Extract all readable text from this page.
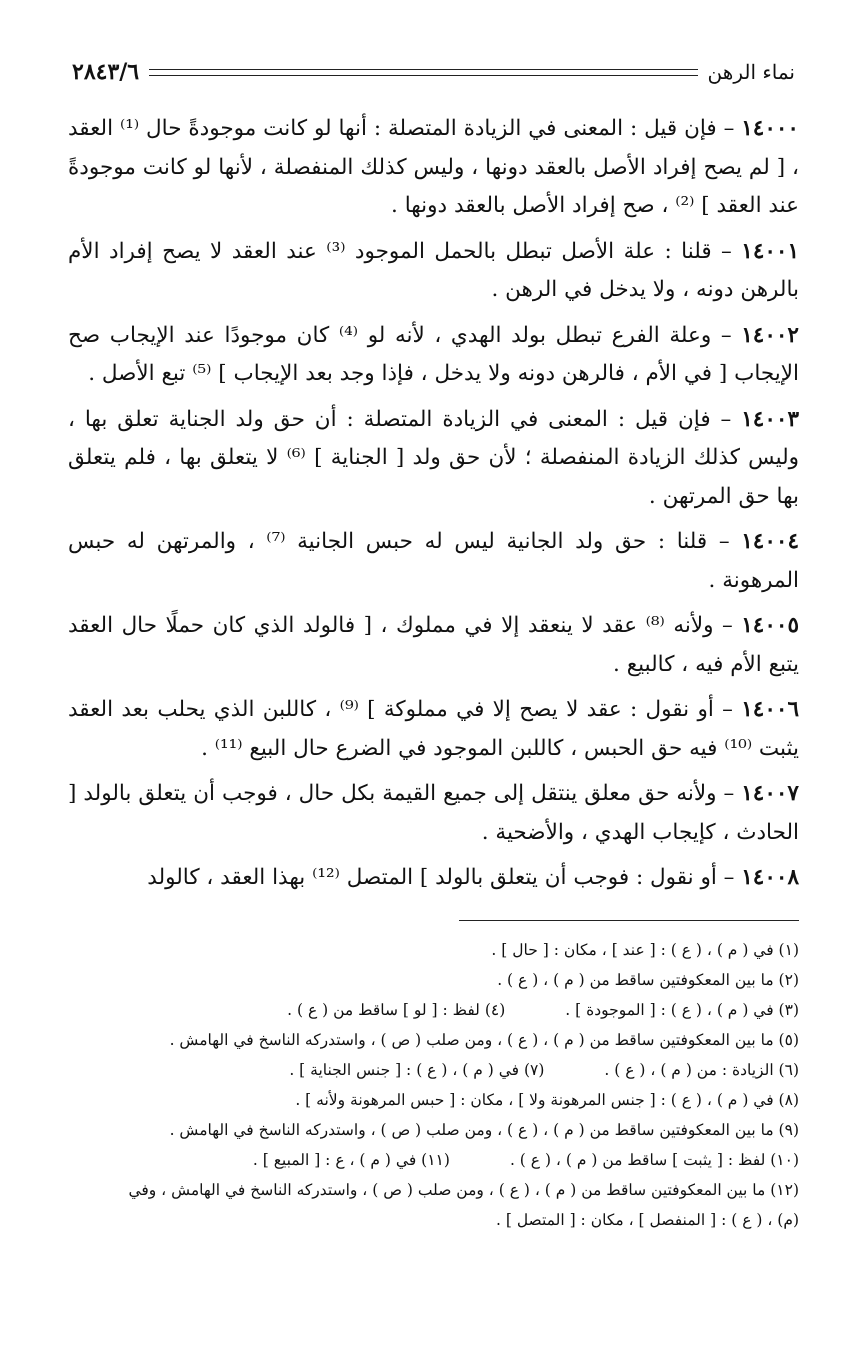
نماء الرهن
٢٨٤٣/٦

١٤٠٠٠ – فإن قيل : المعنى في الزيادة المتصلة : أنها لو كانت موجودةً حال ⁽¹⁾ العقد ، [ لم يصح إفراد الأصل بالعقد دونها ، وليس كذلك المنفصلة ، لأنها لو كانت موجودةً عند العقد ] ⁽²⁾ ، صح إفراد الأصل بالعقد دونها .

١٤٠٠١ – قلنا : علة الأصل تبطل بالحمل الموجود ⁽³⁾ عند العقد لا يصح إفراد الأم بالرهن دونه ، ولا يدخل في الرهن .

١٤٠٠٢ – وعلة الفرع تبطل بولد الهدي ، لأنه لو ⁽⁴⁾ كان موجودًا عند الإيجاب صح الإيجاب [ في الأم ، فالرهن دونه ولا يدخل ، فإذا وجد بعد الإيجاب ] ⁽⁵⁾ تبع الأصل .

١٤٠٠٣ – فإن قيل : المعنى في الزيادة المتصلة : أن حق ولد الجناية تعلق بها ، وليس كذلك الزيادة المنفصلة ؛ لأن حق ولد [ الجناية ] ⁽⁶⁾ لا يتعلق بها ، فلم يتعلق بها حق المرتهن .

١٤٠٠٤ – قلنا : حق ولد الجانية ليس له حبس الجانية ⁽⁷⁾ ، والمرتهن له حبس المرهونة .

١٤٠٠٥ – ولأنه ⁽⁸⁾ عقد لا ينعقد إلا في مملوك ، [ فالولد الذي كان حملًا حال العقد يتبع الأم فيه ، كالبيع .

١٤٠٠٦ – أو نقول : عقد لا يصح إلا في مملوكة ] ⁽⁹⁾ ، كاللبن الذي يحلب بعد العقد يثبت ⁽¹⁰⁾ فيه حق الحبس ، كاللبن الموجود في الضرع حال البيع ⁽¹¹⁾ .

١٤٠٠٧ – ولأنه حق معلق ينتقل إلى جميع القيمة بكل حال ، فوجب أن يتعلق بالولد [ الحادث ، كإيجاب الهدي ، والأضحية .

١٤٠٠٨ – أو نقول : فوجب أن يتعلق بالولد ] المتصل ⁽¹²⁾ بهذا العقد ، كالولد

(١) في ( م ) ، ( ع ) : [ عند ] ، مكان : [ حال ] .

(٢) ما بين المعكوفتين ساقط من ( م ) ، ( ع ) .

(٣) في ( م ) ، ( ع ) : [ الموجودة ] .
(٤) لفظ : [ لو ] ساقط من ( ع ) .

(٥) ما بين المعكوفتين ساقط من ( م ) ، ( ع ) ، ومن صلب ( ص ) ، واستدركه الناسخ في الهامش .

(٦) الزيادة : من ( م ) ، ( ع ) .
(٧) في ( م ) ، ( ع ) : [ جنس الجناية ] .

(٨) في ( م ) ، ( ع ) : [ جنس المرهونة ولا ] ، مكان : [ حبس المرهونة ولأنه ] .

(٩) ما بين المعكوفتين ساقط من ( م ) ، ( ع ) ، ومن صلب ( ص ) ، واستدركه الناسخ في الهامش .

(١٠) لفظ : [ يثبت ] ساقط من ( م ) ، ( ع ) .
(١١) في ( م ) ، ع : [ المبيع ] .

(١٢) ما بين المعكوفتين ساقط من ( م ) ، ( ع ) ، ومن صلب ( ص ) ، واستدركه الناسخ في الهامش ، وفي

(م) ، ( ع ) : [ المنفصل ] ، مكان : [ المتصل ] .
